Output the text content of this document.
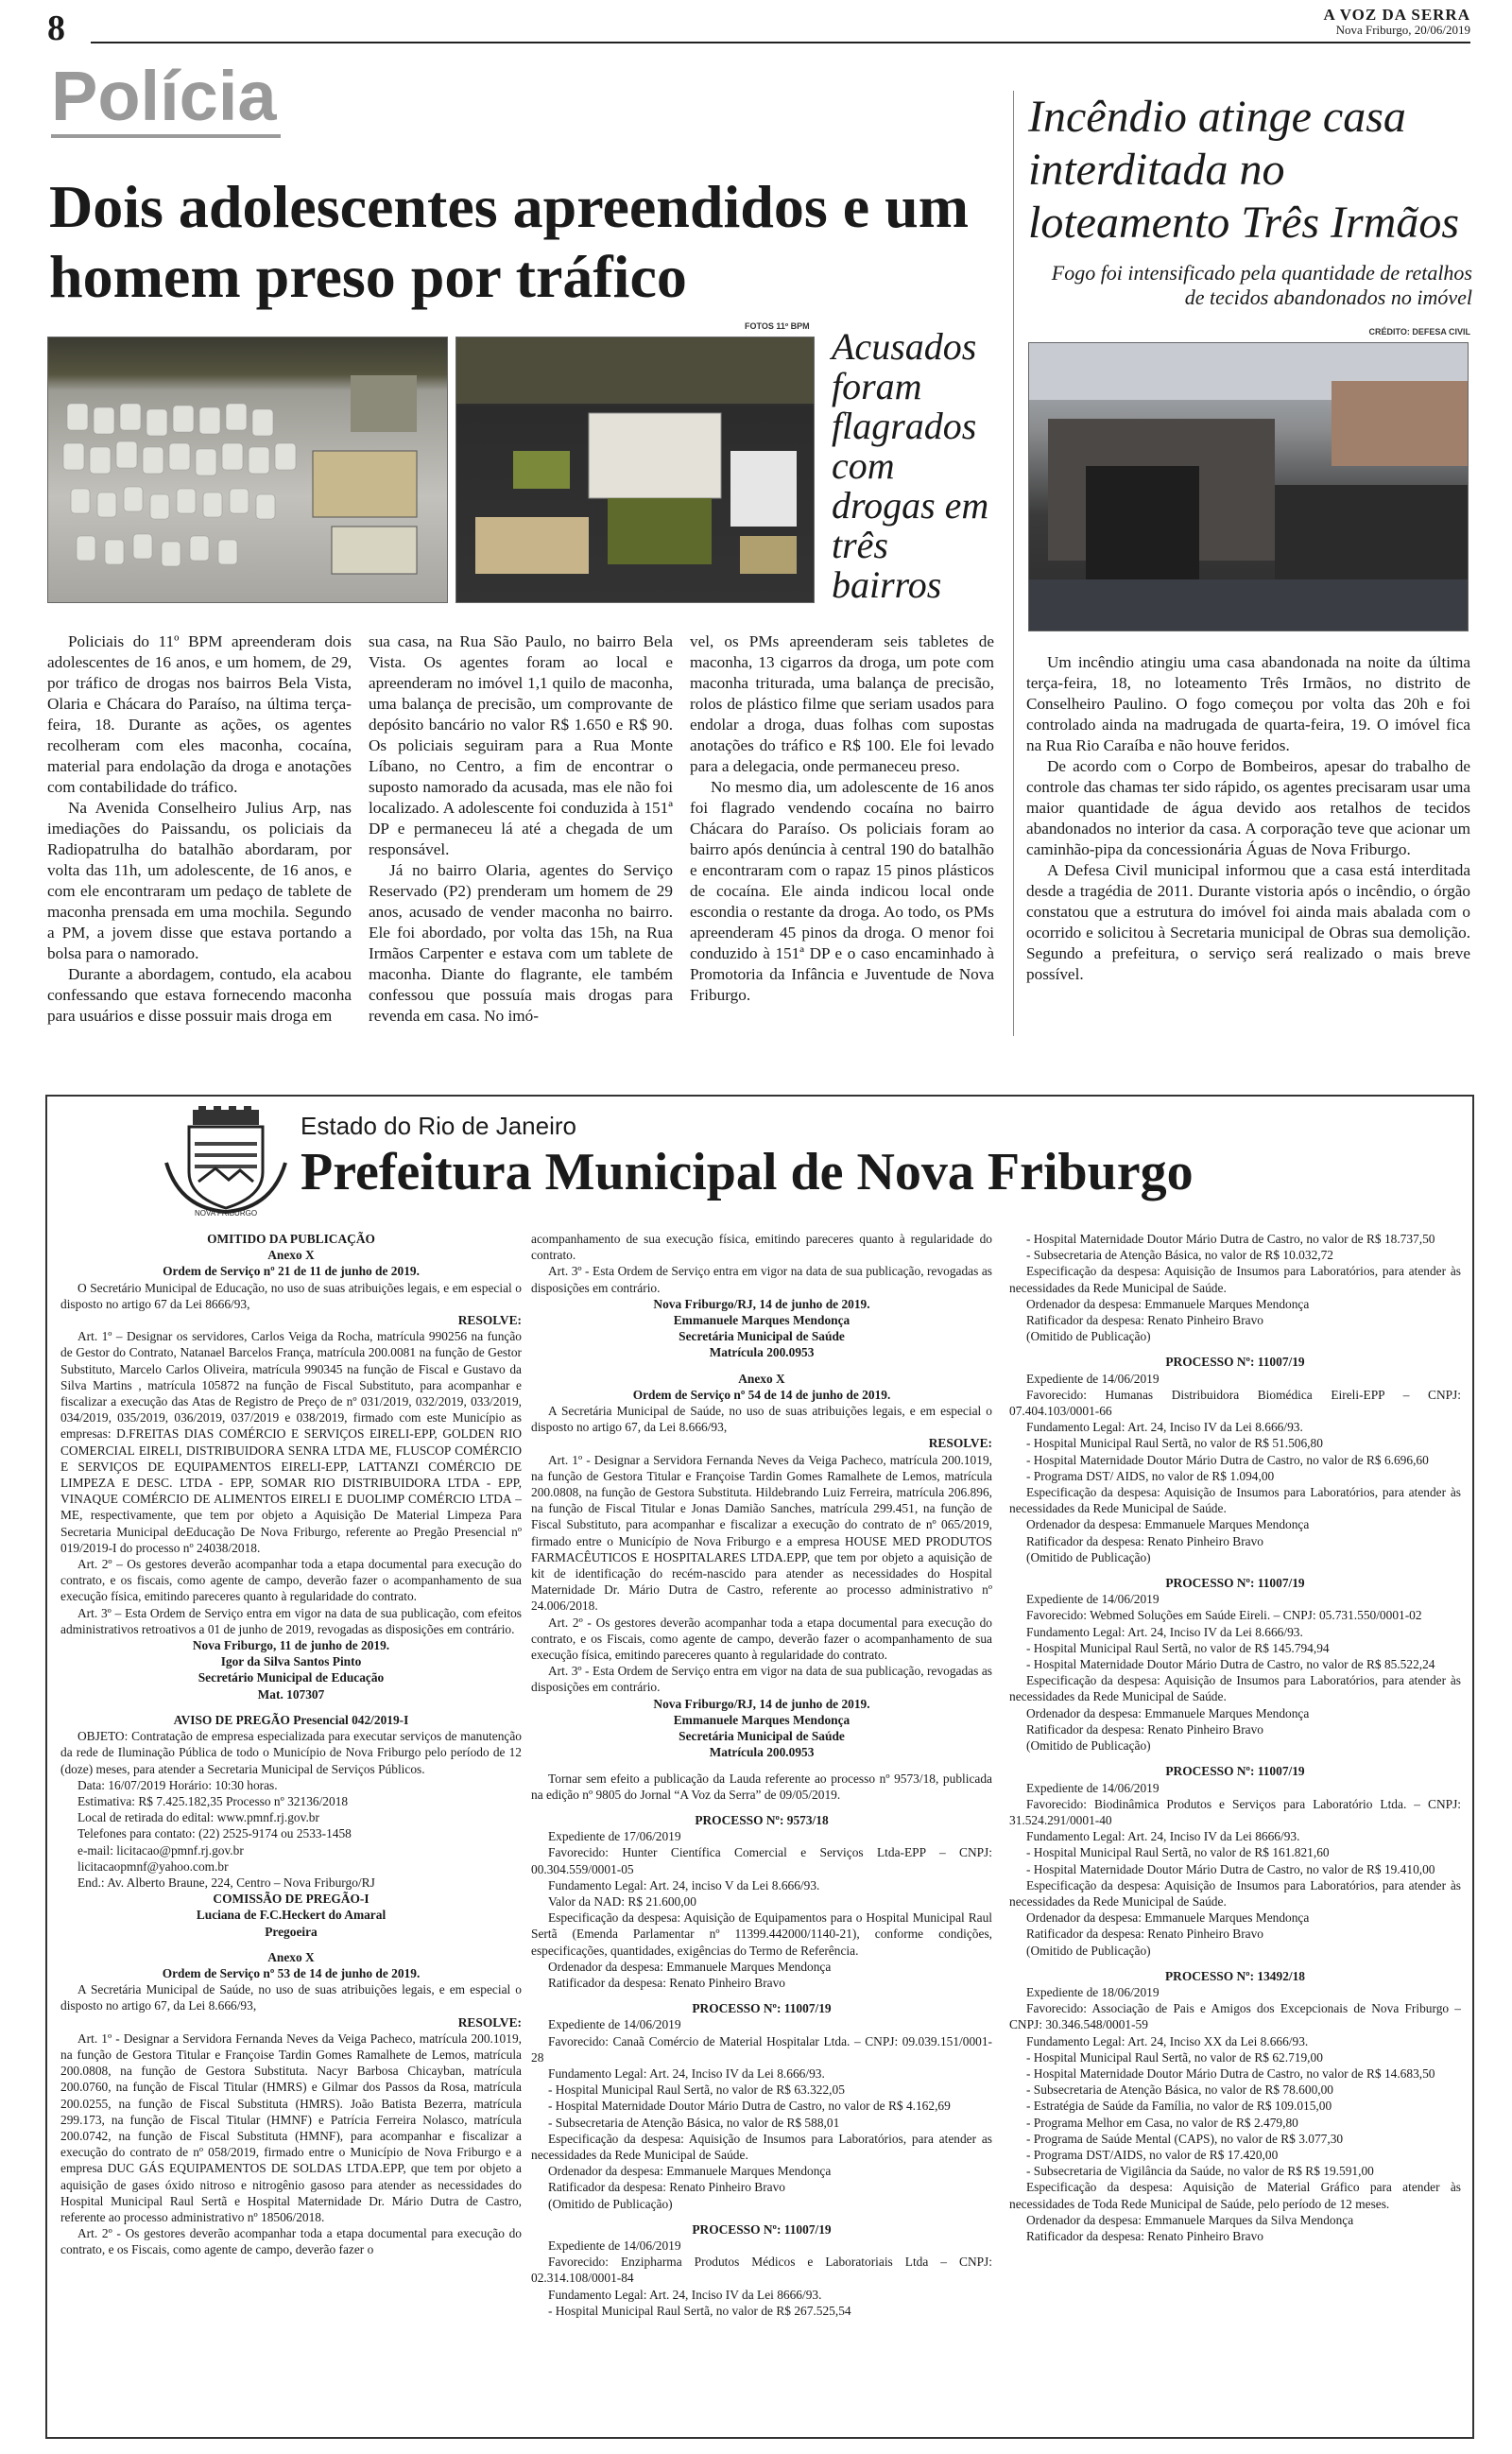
8	A VOZ DA SERRA
Nova Friburgo, 20/06/2019
Polícia
Dois adolescentes apreendidos e um homem preso por tráfico
FOTOS 11º BPM Acusados foram flagrados com drogas em três bairros

Policiais do 11º BPM apreenderam dois adolescentes de 16 anos, e um homem, de 29, por tráfico de drogas nos bairros Bela Vista, Olaria e Chácara do Paraíso, na última terça-feira, 18. Durante as ações, os agentes recolheram com eles maconha, cocaína, material para endolação da droga e anotações com contabilidade do tráfico.

Na Avenida Conselheiro Julius Arp, nas imediações do Paissandu, os policiais da Radiopatrulha do batalhão abordaram, por volta das 11h, um adolescente, de 16 anos, e com ele encontraram um pedaço de tablete de maconha prensada em uma mochila. Segundo a PM, a jovem disse que estava portando a bolsa para o namorado.

Durante a abordagem, contudo, ela acabou confessando que estava fornecendo maconha para usuários e disse possuir mais droga em

sua casa, na Rua São Paulo, no bairro Bela Vista. Os agentes foram ao local e apreenderam no imóvel 1,1 quilo de maconha, uma balança de precisão, um comprovante de depósito bancário no valor R$ 1.650 e R$ 90. Os policiais seguiram para a Rua Monte Líbano, no Centro, a fim de encontrar o suposto namorado da acusada, mas ele não foi localizado. A adolescente foi conduzida à 151ª DP e permaneceu lá até a chegada de um responsável.

Já no bairro Olaria, agentes do Serviço Reservado (P2) prenderam um homem de 29 anos, acusado de vender maconha no bairro. Ele foi abordado, por volta das 15h, na Rua Irmãos Carpenter e estava com um tablete de maconha. Diante do flagrante, ele também confessou que possuía mais drogas para revenda em casa. No imó-

vel, os PMs apreenderam seis tabletes de maconha, 13 cigarros da droga, um pote com maconha triturada, uma balança de precisão, rolos de plástico filme que seriam usados para endolar a droga, duas folhas com supostas anotações do tráfico e R$ 100. Ele foi levado para a delegacia, onde permaneceu preso.

No mesmo dia, um adolescente de 16 anos foi flagrado vendendo cocaína no bairro Chácara do Paraíso. Os policiais foram ao bairro após denúncia à central 190 do batalhão e encontraram com o rapaz 15 pinos plásticos de cocaína. Ele ainda indicou local onde escondia o restante da droga. Ao todo, os PMs apreenderam 45 pinos da droga. O menor foi conduzido à 151ª DP e o caso encaminhado à Promotoria da Infância e Juventude de Nova Friburgo.

Incêndio atinge casa interditada no loteamento Três Irmãos
Fogo foi intensificado pela quantidade de retalhos de tecidos abandonados no imóvel
CRÉDITO: DEFESA CIVIL

Um incêndio atingiu uma casa abandonada na noite da última terça-feira, 18, no loteamento Três Irmãos, no distrito de Conselheiro Paulino. O fogo começou por volta das 20h e foi controlado ainda na madrugada de quarta-feira, 19. O imóvel fica na Rua Rio Caraíba e não houve feridos.

De acordo com o Corpo de Bombeiros, apesar do trabalho de controle das chamas ter sido rápido, os agentes precisaram usar uma maior quantidade de água devido aos retalhos de tecidos abandonados no interior da casa. A corporação teve que acionar um caminhão-pipa da concessionária Águas de Nova Friburgo.

A Defesa Civil municipal informou que a casa está interditada desde a tragédia de 2011. Durante vistoria após o incêndio, o órgão constatou que a estrutura do imóvel foi ainda mais abalada com o ocorrido e solicitou à Secretaria municipal de Obras sua demolição. Segundo a prefeitura, o serviço será realizado o mais breve possível.

NOVA FRIBURGO
Estado do Rio de Janeiro
Prefeitura Municipal de Nova Friburgo
OMITIDO DA PUBLICAÇÃO
Anexo X
Ordem de Serviço nº 21 de 11 de junho de 2019.
O Secretário Municipal de Educação, no uso de suas atribuições legais, e em especial o disposto no artigo 67 da Lei 8666/93,
RESOLVE:
Art. 1º – Designar os servidores, Carlos Veiga da Rocha, matrícula 990256 na função de Gestor do Contrato, Natanael Barcelos França, matrícula 200.0081 na função de Gestor Substituto, Marcelo Carlos Oliveira, matrícula 990345 na função de Fiscal e Gustavo da Silva Martins , matrícula 105872 na função de Fiscal Substituto, para acompanhar e fiscalizar a execução das Atas de Registro de Preço de nº 031/2019, 032/2019, 033/2019, 034/2019, 035/2019, 036/2019, 037/2019 e 038/2019, firmado com este Município as empresas: D.FREITAS DIAS COMÉRCIO E SERVIÇOS EIRELI-EPP, GOLDEN RIO COMERCIAL EIRELI, DISTRIBUIDORA SENRA LTDA ME, FLUSCOP COMÉRCIO E SERVIÇOS DE EQUIPAMENTOS EIRELI-EPP, LATTANZI COMÉRCIO DE LIMPEZA E DESC. LTDA - EPP, SOMAR RIO DISTRIBUIDORA LTDA - EPP, VINAQUE COMÉRCIO DE ALIMENTOS EIRELI E DUOLIMP COMÉRCIO LTDA – ME, respectivamente, que tem por objeto a Aquisição De Material Limpeza Para Secretaria Municipal deEducação De Nova Friburgo, referente ao Pregão Presencial nº 019/2019-I do processo nº 24038/2018.
Art. 2º – Os gestores deverão acompanhar toda a etapa documental para execução do contrato, e os fiscais, como agente de campo, deverão fazer o acompanhamento de sua execução física, emitindo pareceres quanto à regularidade do contrato.
Art. 3º – Esta Ordem de Serviço entra em vigor na data de sua publicação, com efeitos administrativos retroativos a 01 de junho de 2019, revogadas as disposições em contrário.
Nova Friburgo, 11 de junho de 2019.
Igor da Silva Santos Pinto
Secretário Municipal de Educação
Mat. 107307
AVISO DE PREGÃO Presencial 042/2019-I
OBJETO: Contratação de empresa especializada para executar serviços de manutenção da rede de Iluminação Pública de todo o Município de Nova Friburgo pelo período de 12 (doze) meses, para atender a Secretaria Municipal de Serviços Públicos.
Data: 16/07/2019 Horário: 10:30 horas.
Estimativa: R$ 7.425.182,35 Processo nº 32136/2018
Local de retirada do edital: www.pmnf.rj.gov.br
Telefones para contato: (22) 2525-9174 ou 2533-1458
e-mail: licitacao@pmnf.rj.gov.br
licitacaopmnf@yahoo.com.br
End.: Av. Alberto Braune, 224, Centro – Nova Friburgo/RJ
COMISSÃO DE PREGÃO-I
Luciana de F.C.Heckert do Amaral
Pregoeira
Anexo X
Ordem de Serviço nº 53 de 14 de junho de 2019.
A Secretária Municipal de Saúde, no uso de suas atribuições legais, e em especial o disposto no artigo 67, da Lei 8.666/93,
RESOLVE:
Art. 1º - Designar a Servidora Fernanda Neves da Veiga Pacheco, matrícula 200.1019, na função de Gestora Titular e Françoise Tardin Gomes Ramalhete de Lemos, matrícula 200.0808, na função de Gestora Substituta. Nacyr Barbosa Chicayban, matrícula 200.0760, na função de Fiscal Titular (HMRS) e Gilmar dos Passos da Rosa, matrícula 200.0255, na função de Fiscal Substituta (HMRS). João Batista Bezerra, matrícula 299.173, na função de Fiscal Titular (HMNF) e Patrícia Ferreira Nolasco, matrícula 200.0742, na função de Fiscal Substituta (HMNF), para acompanhar e fiscalizar a execução do contrato de nº 058/2019, firmado entre o Município de Nova Friburgo e a empresa DUC GÁS EQUIPAMENTOS DE SOLDAS LTDA.EPP, que tem por objeto a aquisição de gases óxido nitroso e nitrogênio gasoso para atender as necessidades do Hospital Municipal Raul Sertã e Hospital Maternidade Dr. Mário Dutra de Castro, referente ao processo administrativo nº 18506/2018.
Art. 2º - Os gestores deverão acompanhar toda a etapa documental para execução do contrato, e os Fiscais, como agente de campo, deverão fazer o
acompanhamento de sua execução física, emitindo pareceres quanto à regularidade do contrato.
Art. 3º - Esta Ordem de Serviço entra em vigor na data de sua publicação, revogadas as disposições em contrário.
Nova Friburgo/RJ, 14 de junho de 2019.
Emmanuele Marques Mendonça
Secretária Municipal de Saúde
Matrícula 200.0953
Anexo X
Ordem de Serviço nº 54 de 14 de junho de 2019.
A Secretária Municipal de Saúde, no uso de suas atribuições legais, e em especial o disposto no artigo 67, da Lei 8.666/93,
RESOLVE:
Art. 1º - Designar a Servidora Fernanda Neves da Veiga Pacheco, matrícula 200.1019, na função de Gestora Titular e Françoise Tardin Gomes Ramalhete de Lemos, matrícula 200.0808, na função de Gestora Substituta. Hildebrando Luiz Ferreira, matrícula 206.896, na função de Fiscal Titular e Jonas Damião Sanches, matrícula 299.451, na função de Fiscal Substituto, para acompanhar e fiscalizar a execução do contrato de nº 065/2019, firmado entre o Município de Nova Friburgo e a empresa HOUSE MED PRODUTOS FARMACÊUTICOS E HOSPITALARES LTDA.EPP, que tem por objeto a aquisição de kit de identificação do recém-nascido para atender as necessidades do Hospital Maternidade Dr. Mário Dutra de Castro, referente ao processo administrativo nº 24.006/2018.
Art. 2º - Os gestores deverão acompanhar toda a etapa documental para execução do contrato, e os Fiscais, como agente de campo, deverão fazer o acompanhamento de sua execução física, emitindo pareceres quanto à regularidade do contrato.
Art. 3º - Esta Ordem de Serviço entra em vigor na data de sua publicação, revogadas as disposições em contrário.
Nova Friburgo/RJ, 14 de junho de 2019.
Emmanuele Marques Mendonça
Secretária Municipal de Saúde
Matrícula 200.0953
Tornar sem efeito a publicação da Lauda referente ao processo nº 9573/18, publicada na edição nº 9805 do Jornal “A Voz da Serra” de 09/05/2019.
PROCESSO Nº: 9573/18
Expediente de 17/06/2019
Favorecido: Hunter Científica Comercial e Serviços Ltda-EPP – CNPJ: 00.304.559/0001-05
Fundamento Legal: Art. 24, inciso V da Lei 8.666/93.
Valor da NAD: R$ 21.600,00
Especificação da despesa: Aquisição de Equipamentos para o Hospital Municipal Raul Sertã (Emenda Parlamentar nº 11399.442000/1140-21), conforme condições, especificações, quantidades, exigências do Termo de Referência.
Ordenador da despesa: Emmanuele Marques Mendonça
Ratificador da despesa: Renato Pinheiro Bravo
PROCESSO Nº: 11007/19
Expediente de 14/06/2019
Favorecido: Canaã Comércio de Material Hospitalar Ltda. – CNPJ: 09.039.151/0001-28
Fundamento Legal: Art. 24, Inciso IV da Lei 8.666/93.
- Hospital Municipal Raul Sertã, no valor de R$ 63.322,05
- Hospital Maternidade Doutor Mário Dutra de Castro, no valor de R$ 4.162,69
- Subsecretaria de Atenção Básica, no valor de R$ 588,01
Especificação da despesa: Aquisição de Insumos para Laboratórios, para atender as necessidades da Rede Municipal de Saúde.
Ordenador da despesa: Emmanuele Marques Mendonça
Ratificador da despesa: Renato Pinheiro Bravo
(Omitido de Publicação)
PROCESSO Nº: 11007/19
Expediente de 14/06/2019
Favorecido: Enzipharma Produtos Médicos e Laboratoriais Ltda – CNPJ: 02.314.108/0001-84
Fundamento Legal: Art. 24, Inciso IV da Lei 8666/93.
- Hospital Municipal Raul Sertã, no valor de R$ 267.525,54
- Hospital Maternidade Doutor Mário Dutra de Castro, no valor de R$ 18.737,50
- Subsecretaria de Atenção Básica, no valor de R$ 10.032,72
Especificação da despesa: Aquisição de Insumos para Laboratórios, para atender às necessidades da Rede Municipal de Saúde.
Ordenador da despesa: Emmanuele Marques Mendonça
Ratificador da despesa: Renato Pinheiro Bravo
(Omitido de Publicação)
PROCESSO Nº: 11007/19
Expediente de 14/06/2019
Favorecido: Humanas Distribuidora Biomédica Eireli-EPP – CNPJ: 07.404.103/0001-66
Fundamento Legal: Art. 24, Inciso IV da Lei 8.666/93.
- Hospital Municipal Raul Sertã, no valor de R$ 51.506,80
- Hospital Maternidade Doutor Mário Dutra de Castro, no valor de R$ 6.696,60
- Programa DST/ AIDS, no valor de R$ 1.094,00
Especificação da despesa: Aquisição de Insumos para Laboratórios, para atender às necessidades da Rede Municipal de Saúde.
Ordenador da despesa: Emmanuele Marques Mendonça
Ratificador da despesa: Renato Pinheiro Bravo
(Omitido de Publicação)
PROCESSO Nº: 11007/19
Expediente de 14/06/2019
Favorecido: Webmed Soluções em Saúde Eireli. – CNPJ: 05.731.550/0001-02
Fundamento Legal: Art. 24, Inciso IV da Lei 8.666/93.
- Hospital Municipal Raul Sertã, no valor de R$ 145.794,94
- Hospital Maternidade Doutor Mário Dutra de Castro, no valor de R$ 85.522,24
Especificação da despesa: Aquisição de Insumos para Laboratórios, para atender às necessidades da Rede Municipal de Saúde.
Ordenador da despesa: Emmanuele Marques Mendonça
Ratificador da despesa: Renato Pinheiro Bravo
(Omitido de Publicação)
PROCESSO Nº: 11007/19
Expediente de 14/06/2019
Favorecido: Biodinâmica Produtos e Serviços para Laboratório Ltda. – CNPJ: 31.524.291/0001-40
Fundamento Legal: Art. 24, Inciso IV da Lei 8666/93.
- Hospital Municipal Raul Sertã, no valor de R$ 161.821,60
- Hospital Maternidade Doutor Mário Dutra de Castro, no valor de R$ 19.410,00
Especificação da despesa: Aquisição de Insumos para Laboratórios, para atender às necessidades da Rede Municipal de Saúde.
Ordenador da despesa: Emmanuele Marques Mendonça
Ratificador da despesa: Renato Pinheiro Bravo
(Omitido de Publicação)
PROCESSO Nº: 13492/18
Expediente de 18/06/2019
Favorecido: Associação de Pais e Amigos dos Excepcionais de Nova Friburgo – CNPJ: 30.346.548/0001-59
Fundamento Legal: Art. 24, Inciso XX da Lei 8.666/93.
- Hospital Municipal Raul Sertã, no valor de R$ 62.719,00
- Hospital Maternidade Doutor Mário Dutra de Castro, no valor de R$ 14.683,50
- Subsecretaria de Atenção Básica, no valor de R$ 78.600,00
- Estratégia de Saúde da Família, no valor de R$ 109.015,00
- Programa Melhor em Casa, no valor de R$ 2.479,80
- Programa de Saúde Mental (CAPS), no valor de R$ 3.077,30
- Programa DST/AIDS, no valor de R$ 17.420,00
- Subsecretaria de Vigilância da Saúde, no valor de R$ R$ 19.591,00
Especificação da despesa: Aquisição de Material Gráfico para atender às necessidades de Toda Rede Municipal de Saúde, pelo período de 12 meses.
Ordenador da despesa: Emmanuele Marques da Silva Mendonça
Ratificador da despesa: Renato Pinheiro Bravo
